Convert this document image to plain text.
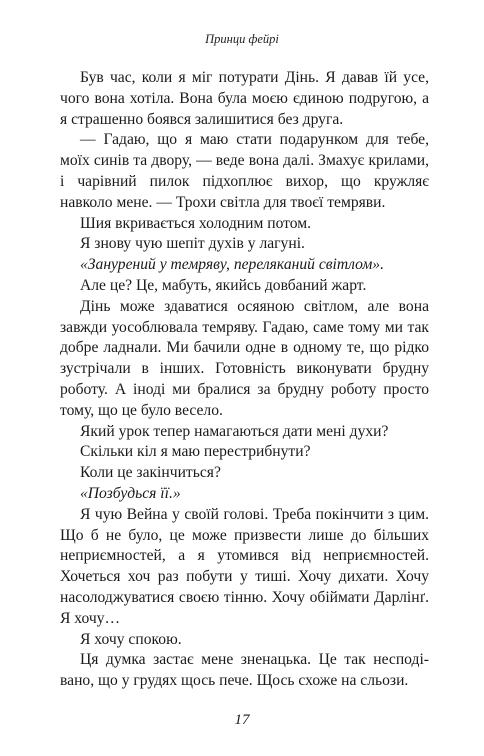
Принци фейрі

Був час, коли я міг потурати Дінь. Я давав їй усе, чого вона хотіла. Вона була моєю єдиною подругою, а я страшенно боявся залишитися без друга.

— Гадаю, що я маю стати подарунком для тебе, моїх синів та двору, — веде вона далі. Змахує крилами, і чарівний пилок підхоплює вихор, що кружляє навколо мене. — Трохи світла для твоєї темряви.

Шия вкривається холодним потом.

Я знову чую шепіт духів у лагуні.

«Занурений у темряву, переляканий світлом».

Але це? Це, мабуть, якийсь довбаний жарт.

Дінь може здаватися осяяною світлом, але вона завжди уособлювала темряву. Гадаю, саме тому ми так добре ладнали. Ми бачили одне в одному те, що рідко зустрічали в інших. Готовність виконувати брудну роботу. А іноді ми бралися за брудну роботу просто тому, що це було весело.

Який урок тепер намагаються дати мені духи?

Скільки кіл я маю перестрибнути?

Коли це закінчиться?

«Позбудься її.»

Я чую Вейна у своїй голові. Треба покінчити з цим. Що б не було, це може призвести лише до більших неприємностей, а я утомився від неприємностей. Хочеться хоч раз побути у тиші. Хочу дихати. Хочу насолоджуватися своєю тінню. Хочу обіймати Дарлінґ. Я хочу…

Я хочу спокою.

Ця думка застає мене зненацька. Це так несподівано, що у грудях щось пече. Щось схоже на сльози.

17
